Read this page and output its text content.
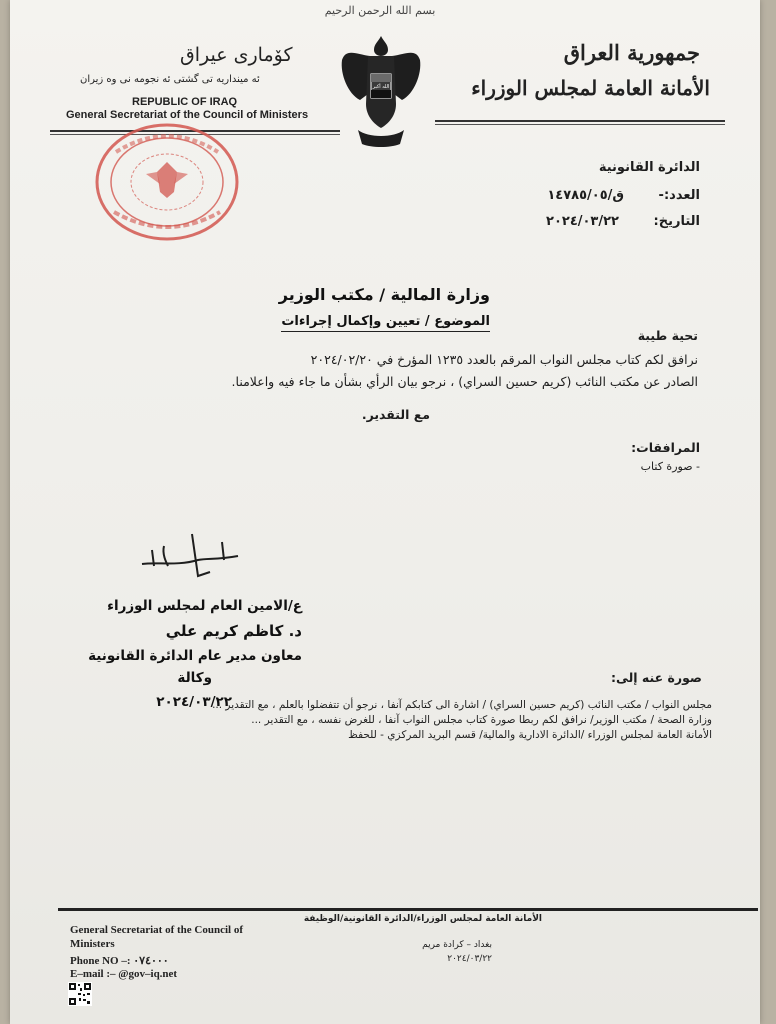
بسم الله الرحمن الرحيم
كۆماری عیراق
ئه مینداریه تی گشتی ئه نجومه نی وه زیران
REPUBLIC OF IRAQ
General Secretariat of the Council of Ministers
جمهورية العراق
الأمانة العامة لمجلس الوزراء
الله أكبر
الدائرة القانونية
العدد:- ق/١٤٧٨٥/٠٥
التاريخ: ٢٠٢٤/٠٣/٢٢
وزارة المالية / مكتب الوزير
الموضوع / تعيين وإكمال إجراءات
تحية طيبة
نرافق لكم كتاب مجلس النواب المرقم بالعدد ١٢٣٥ المؤرخ في ٢٠٢٤/٠٢/٢٠
الصادر عن مكتب النائب (كريم حسين السراي) ، نرجو بيان الرأي بشأن ما جاء فيه واعلامنا.
مع التقدير.
المرافقات:
- صورة كتاب
ع/الامين العام لمجلس الوزراء
د. كاظم كريم علي
معاون مدير عام الدائرة القانونية
وكالة
٢٠٢٤/٠٣/٢٢
صورة عنه إلى:
مجلس النواب / مكتب النائب (كريم حسين السراي) / اشارة الى كتابكم آنفا ، نرجو أن تتفضلوا بالعلم ، مع التقدير ...
وزارة الصحة / مكتب الوزير/ نرافق لكم ربطا صورة كتاب مجلس النواب آنفا ، للغرض نفسه ، مع التقدير ...
الأمانة العامة لمجلس الوزراء /الدائرة الادارية والمالية/ قسم البريد المركزي - للحفظ
General Secretariat of the Council of
Ministers
Phone NO –: ٠٧٤٠٠٠
E–mail :– @gov–iq.net
الأمانة العامة لمجلس الوزراء/الدائرة القانونية/الوظيفة
بغداد – كرادة مريم
٢٠٢٤/٠٣/٢٢
